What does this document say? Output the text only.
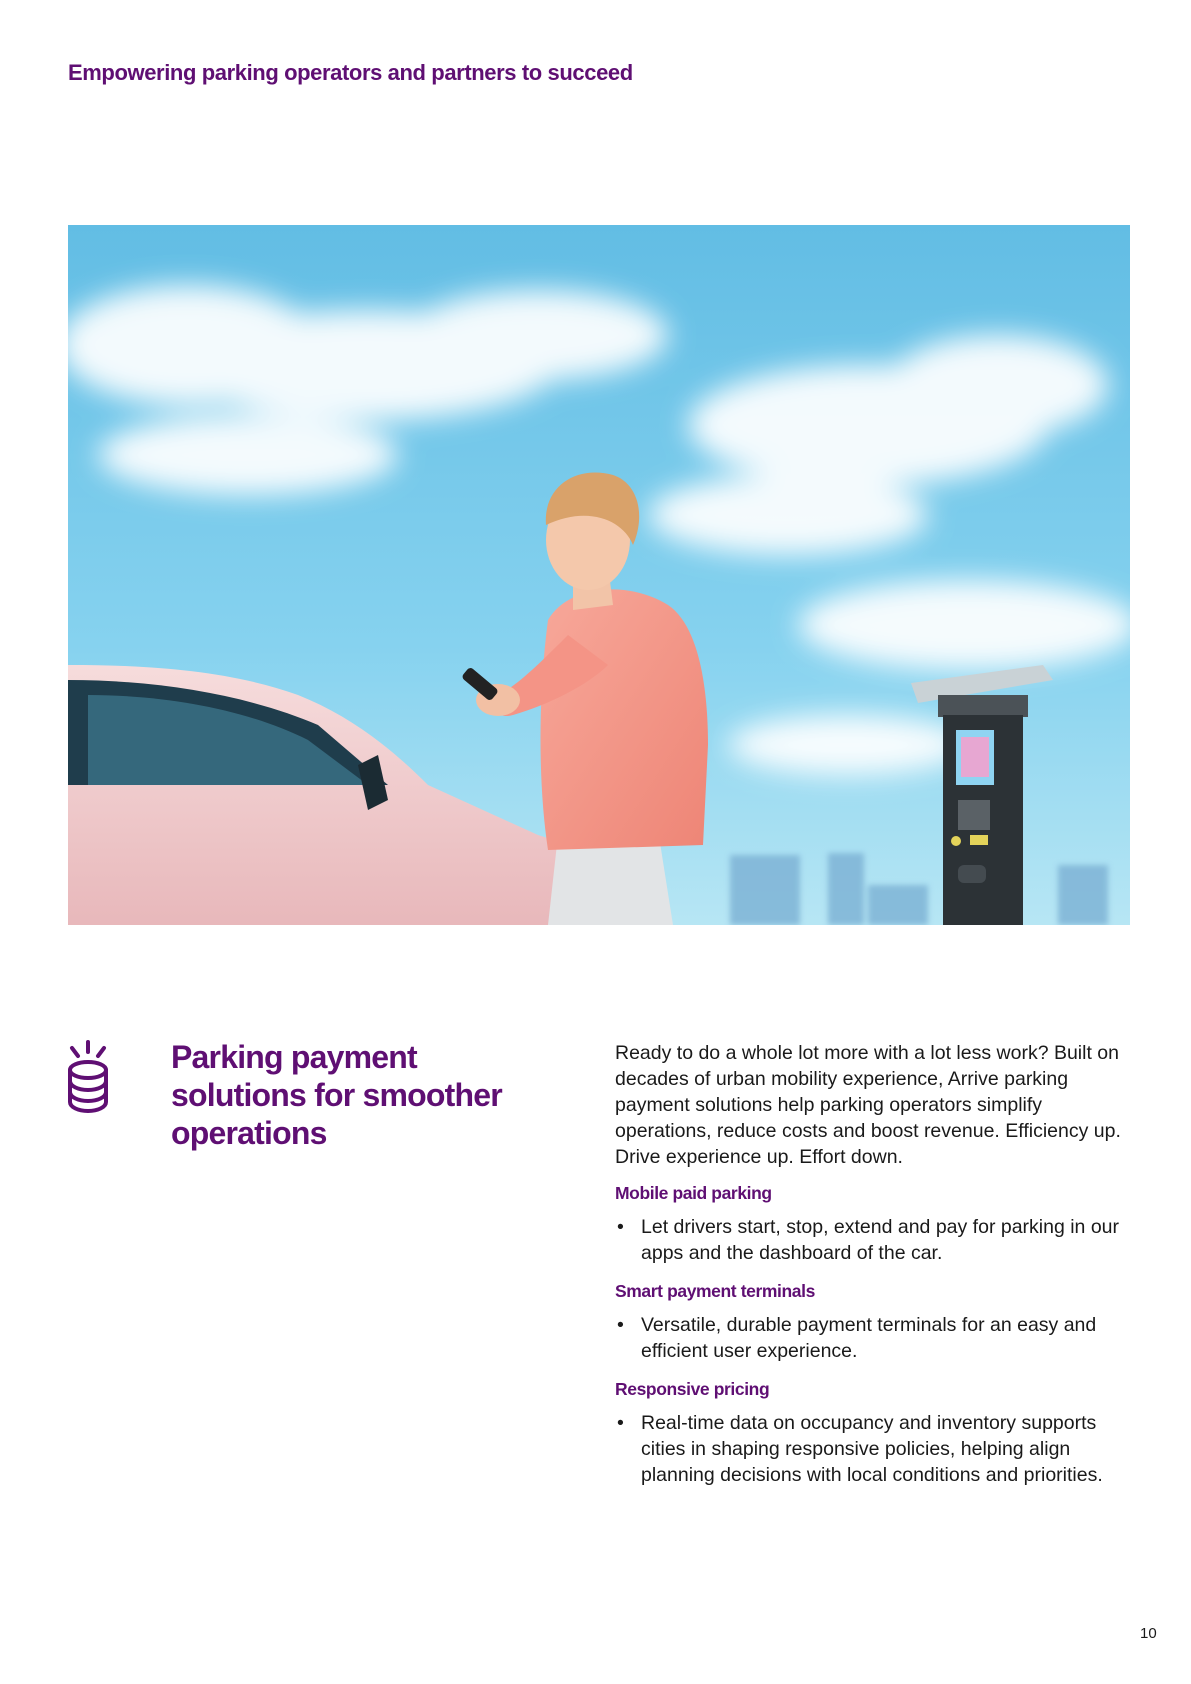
Empowering parking operators and partners to succeed
Parking payment solutions for smoother operations

Ready to do a whole lot more with a lot less work? Built on decades of urban mobility experience, Arrive parking payment solutions help parking operators simplify operations, reduce costs and boost revenue. Efficiency up. Drive experience up. Effort down.

Mobile paid parking
• Let drivers start, stop, extend and pay for parking in our apps and the dashboard of the car.
Smart payment terminals
• Versatile, durable payment terminals for an easy and efficient user experience.
Responsive pricing
• Real-time data on occupancy and inventory supports cities in shaping responsive policies, helping align planning decisions with local conditions and priorities.
10
